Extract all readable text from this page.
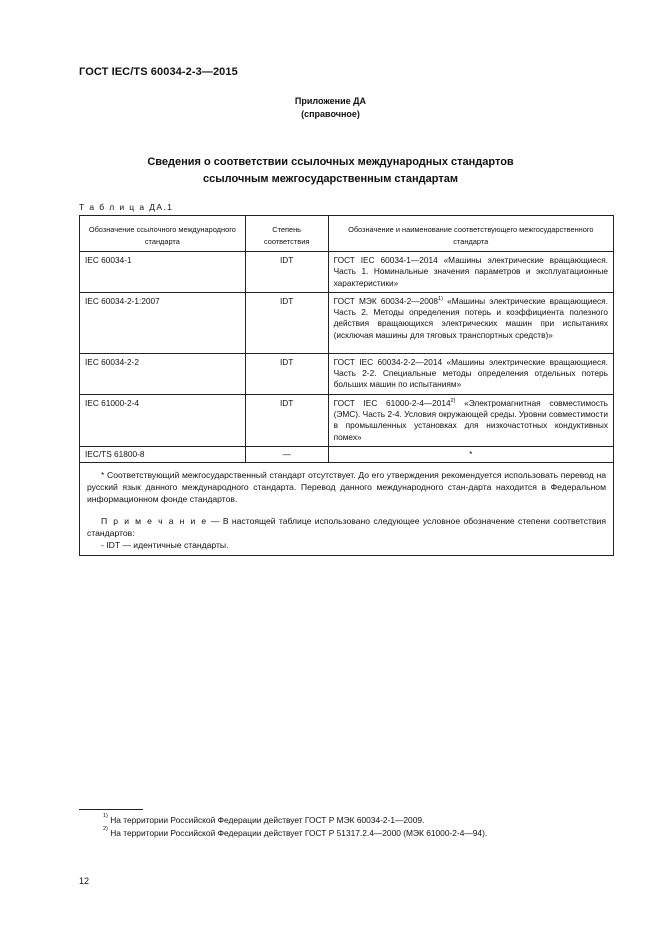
ГОСТ IEC/TS 60034-2-3—2015
Приложение ДА
(справочное)
Сведения о соответствии ссылочных международных стандартов
ссылочным межгосударственным стандартам
Т а б л и ц а ДА.1
Обозначение ссылочного международного стандарта	Степень соответствия	Обозначение и наименование соответствующего межгосударственного стандарта
IEC 60034-1	IDT	ГОСТ IEC 60034-1—2014 «Машины электрические вращающиеся. Часть 1. Номинальные значения параметров и эксплуатационные характеристики»
IEC 60034-2-1:2007	IDT	ГОСТ МЭК 60034-2—2008$^{1)}$ «Машины электрические вращающиеся. Часть 2. Методы определения потерь и коэффициента полезного действия вращающихся электрических машин при испытаниях (исключая машины для тяговых транспортных средств)»
IEC 60034-2-2	IDT	ГОСТ IEC 60034-2-2—2014 «Машины электрические вращающиеся. Часть 2-2. Специальные методы определения отдельных потерь больших машин по испытаниям»
IEC 61000-2-4	IDT	ГОСТ IEC 61000-2-4—2014$^{2)}$ «Электромагнитная совместимость (ЭМС). Часть 2-4. Условия окружающей среды. Уровни совместимости в промышленных установках для низкочастотных кондуктивных помех»
IEC/TS 61800-8	—	*

* Соответствующий межгосударственный стандарт отсутствует. До его утверждения рекомендуется использовать перевод на русский язык данного международного стандарта. Перевод данного международного стан-дарта находится в Федеральном информационном фонде стандартов.

П р и м е ч а н и е — В настоящей таблице использовано следующее условное обозначение степени соответствия стандартов:

- IDT — идентичные стандарты.		

$^{1)}$ На территории Российской Федерации действует ГОСТ Р МЭК 60034-2-1—2009.
$^{2)}$ На территории Российской Федерации действует ГОСТ Р 51317.2.4—2000 (МЭК 61000-2-4—94).
12
